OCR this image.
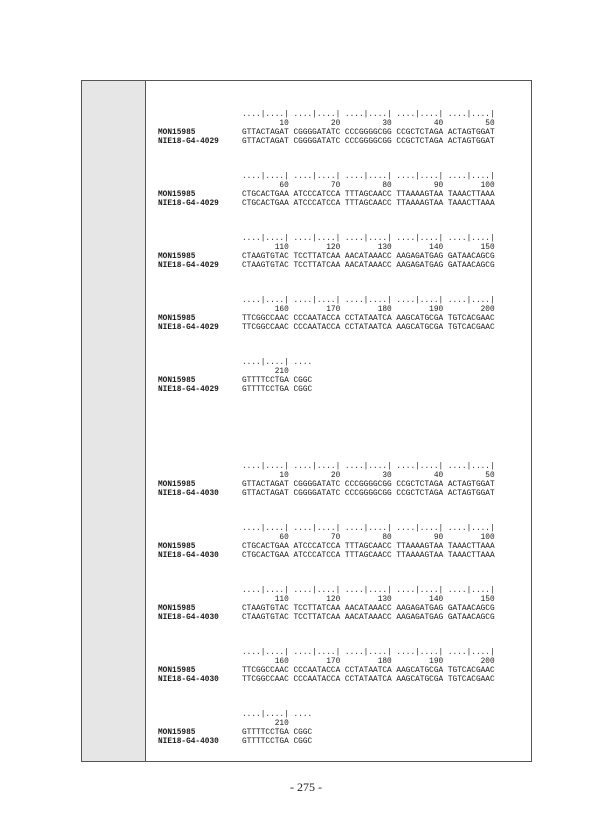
....|....| ....|....| ....|....| ....|....| ....|....|
10         20         30         40         50
MON15985	GTTACTAGAT CGGGGATATC CCCGGGGCGG CCGCTCTAGA ACTAGTGGAT
NIE18-G4-4029	GTTACTAGAT CGGGGATATC CCCGGGGCGG CCGCTCTAGA ACTAGTGGAT
....|....| ....|....| ....|....| ....|....| ....|....|
60         70         80         90        100
MON15985	CTGCACTGAA ATCCCATCCA TTTAGCAACC TTAAAAGTAA TAAACTTAAA
NIE18-G4-4029	CTGCACTGAA ATCCCATCCA TTTAGCAACC TTAAAAGTAA TAAACTTAAA
....|....| ....|....| ....|....| ....|....| ....|....|
110        120        130        140        150
MON15985	CTAAGTGTAC TCCTTATCAA AACATAAACC AAGAGATGAG GATAACAGCG
NIE18-G4-4029	CTAAGTGTAC TCCTTATCAA AACATAAACC AAGAGATGAG GATAACAGCG
....|....| ....|....| ....|....| ....|....| ....|....|
160        170        180        190        200
MON15985	TTCGGCCAAC CCCAATACCA CCTATAATCA AAGCATGCGA TGTCACGAAC
NIE18-G4-4029	TTCGGCCAAC CCCAATACCA CCTATAATCA AAGCATGCGA TGTCACGAAC
....|....| ....
210
MON15985	GTTTTCCTGA CGGC
NIE18-G4-4029	GTTTTCCTGA CGGC
....|....| ....|....| ....|....| ....|....| ....|....|
10         20         30         40         50
MON15985	GTTACTAGAT CGGGGATATC CCCGGGGCGG CCGCTCTAGA ACTAGTGGAT
NIE18-G4-4030	GTTACTAGAT CGGGGATATC CCCGGGGCGG CCGCTCTAGA ACTAGTGGAT
....|....| ....|....| ....|....| ....|....| ....|....|
60         70         80         90        100
MON15985	CTGCACTGAA ATCCCATCCA TTTAGCAACC TTAAAAGTAA TAAACTTAAA
NIE18-G4-4030	CTGCACTGAA ATCCCATCCA TTTAGCAACC TTAAAAGTAA TAAACTTAAA
....|....| ....|....| ....|....| ....|....| ....|....|
110        120        130        140        150
MON15985	CTAAGTGTAC TCCTTATCAA AACATAAACC AAGAGATGAG GATAACAGCG
NIE18-G4-4030	CTAAGTGTAC TCCTTATCAA AACATAAACC AAGAGATGAG GATAACAGCG
....|....| ....|....| ....|....| ....|....| ....|....|
160        170        180        190        200
MON15985	TTCGGCCAAC CCCAATACCA CCTATAATCA AAGCATGCGA TGTCACGAAC
NIE18-G4-4030	TTCGGCCAAC CCCAATACCA CCTATAATCA AAGCATGCGA TGTCACGAAC
....|....| ....
210
MON15985	GTTTTCCTGA CGGC
NIE18-G4-4030	GTTTTCCTGA CGGC
- 275 -
